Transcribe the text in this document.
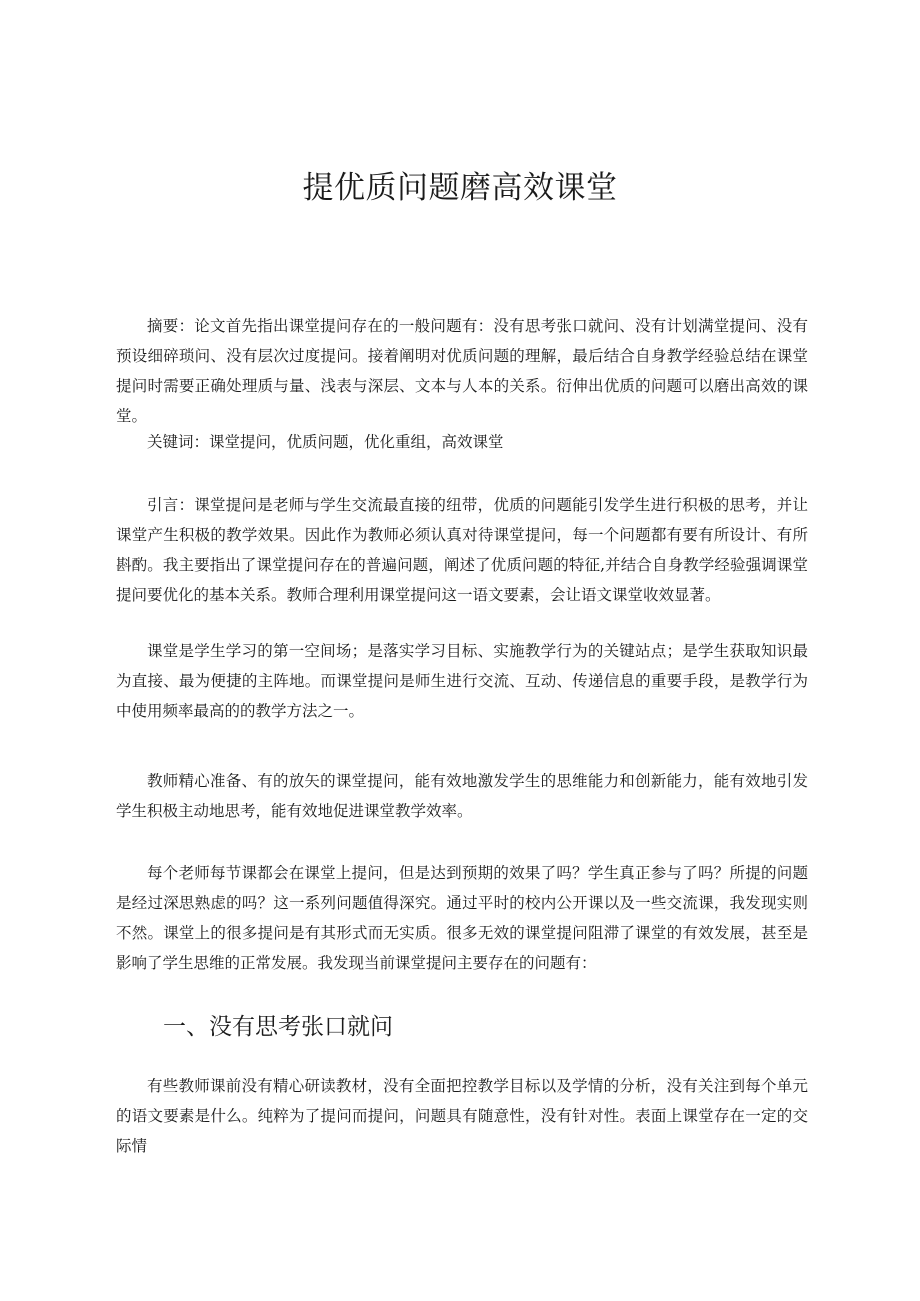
提优质问题磨高效课堂

摘要：论文首先指出课堂提问存在的一般问题有：没有思考张口就问、没有计划满堂提问、没有预设细碎琐问、没有层次过度提问。接着阐明对优质问题的理解，最后结合自身教学经验总结在课堂提问时需要正确处理质与量、浅表与深层、文本与人本的关系。衍伸出优质的问题可以磨出高效的课堂。

关键词：课堂提问，优质问题，优化重组，高效课堂

引言：课堂提问是老师与学生交流最直接的纽带，优质的问题能引发学生进行积极的思考，并让课堂产生积极的教学效果。因此作为教师必须认真对待课堂提问，每一个问题都有要有所设计、有所斟酌。我主要指出了课堂提问存在的普遍问题，阐述了优质问题的特征,并结合自身教学经验强调课堂提问要优化的基本关系。教师合理利用课堂提问这一语文要素，会让语文课堂收效显著。

课堂是学生学习的第一空间场；是落实学习目标、实施教学行为的关键站点；是学生获取知识最为直接、最为便捷的主阵地。而课堂提问是师生进行交流、互动、传递信息的重要手段，是教学行为中使用频率最高的的教学方法之一。

教师精心准备、有的放矢的课堂提问，能有效地激发学生的思维能力和创新能力，能有效地引发学生积极主动地思考，能有效地促进课堂教学效率。

每个老师每节课都会在课堂上提问，但是达到预期的效果了吗？学生真正参与了吗？所提的问题是经过深思熟虑的吗？这一系列问题值得深究。通过平时的校内公开课以及一些交流课，我发现实则不然。课堂上的很多提问是有其形式而无实质。很多无效的课堂提问阻滞了课堂的有效发展，甚至是影响了学生思维的正常发展。我发现当前课堂提问主要存在的问题有：

一、没有思考张口就问

有些教师课前没有精心研读教材，没有全面把控教学目标以及学情的分析，没有关注到每个单元的语文要素是什么。纯粹为了提问而提问，问题具有随意性，没有针对性。表面上课堂存在一定的交际情
